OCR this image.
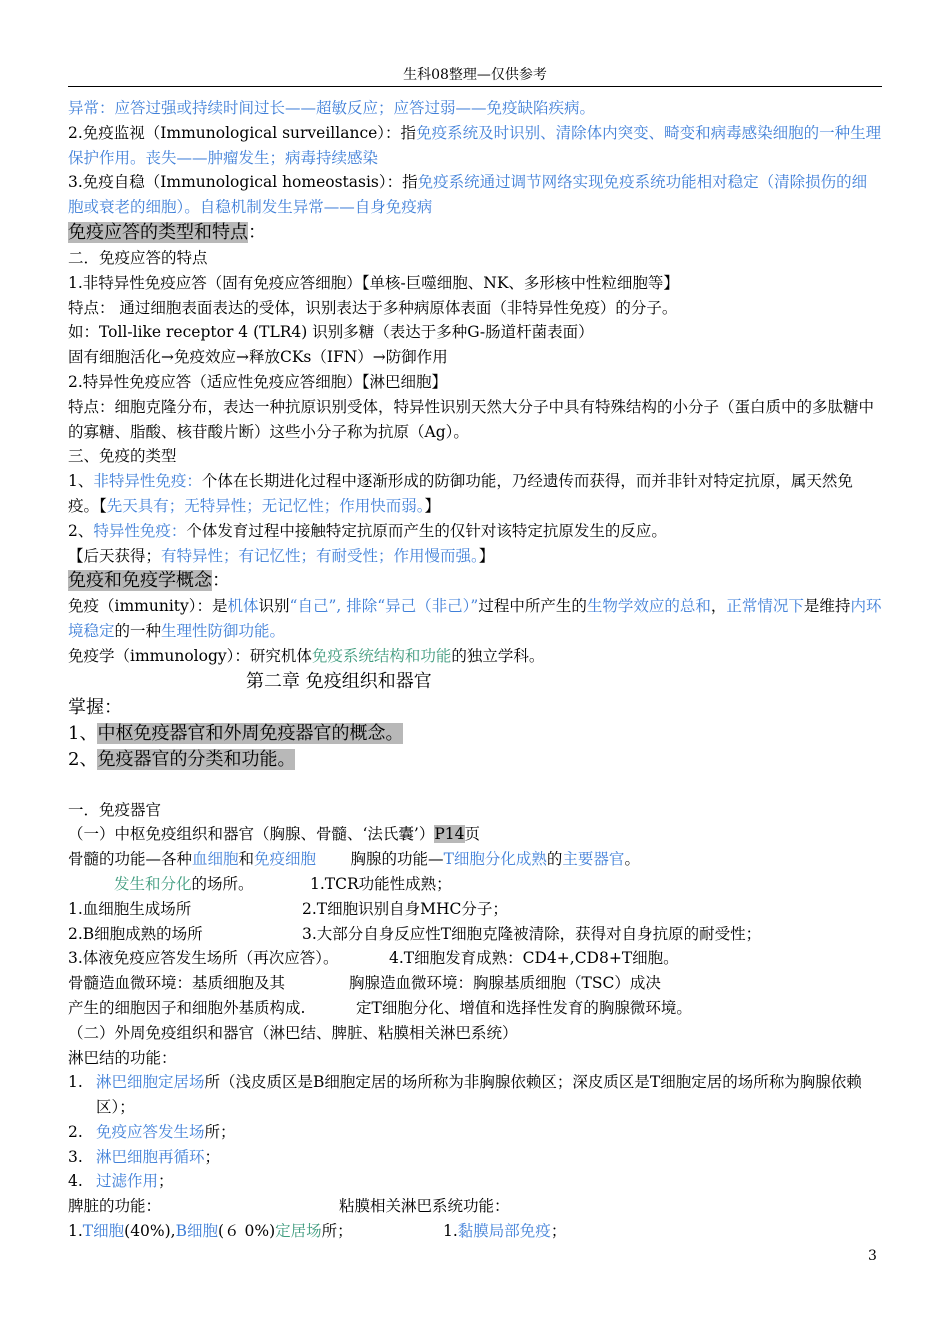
生科08整理—仅供参考

异常：应答过强或持续时间过长——超敏反应；应答过弱——免疫缺陷疾病。

2.免疫监视（Immunological surveillance）：指免疫系统及时识别、清除体内突变、畸变和病毒感染细胞的一种生理保护作用。丧失——肿瘤发生；病毒持续感染

3.免疫自稳（Immunological homeostasis）：指免疫系统通过调节网络实现免疫系统功能相对稳定（清除损伤的细胞或衰老的细胞）。自稳机制发生异常——自身免疫病

免疫应答的类型和特点：

二．免疫应答的特点

1.非特异性免疫应答（固有免疫应答细胞）【单核-巨噬细胞、NK、多形核中性粒细胞等】

特点： 通过细胞表面表达的受体，识别表达于多种病原体表面（非特异性免疫）的分子。

如：Toll-like receptor 4 (TLR4) 识别多糖（表达于多种G-肠道杆菌表面）

固有细胞活化→免疫效应→释放CKs（IFN）→防御作用

2.特异性免疫应答（适应性免疫应答细胞）【淋巴细胞】

特点：细胞克隆分布，表达一种抗原识别受体，特异性识别天然大分子中具有特殊结构的小分子（蛋白质中的多肽糖中的寡糖、脂酸、核苷酸片断）这些小分子称为抗原（Ag）。

三、免疫的类型

1、非特异性免疫：个体在长期进化过程中逐渐形成的防御功能，乃经遗传而获得，而并非针对特定抗原，属天然免疫。【先天具有；无特异性；无记忆性；作用快而弱。】

2、特异性免疫：个体发育过程中接触特定抗原而产生的仅针对该特定抗原发生的反应。

【后天获得；有特异性；有记忆性；有耐受性；作用慢而强。】

免疫和免疫学概念：

免疫（immunity）：是机体识别“自己”, 排除“异己（非己）”过程中所产生的生物学效应的总和，正常情况下是维持内环境稳定的一种生理性防御功能。

免疫学（immunology）：研究机体免疫系统结构和功能的独立学科。

第二章 免疫组织和器官

掌握：

1、中枢免疫器官和外周免疫器官的概念。

2、免疫器官的分类和功能。

一．免疫器官

（一）中枢免疫组织和器官（胸腺、骨髓、‘法氏囊’）P14页

骨髓的功能—各种血细胞和免疫细胞       胸腺的功能—T细胞分化成熟的主要器官。

发生和分化的场所。	1.TCR功能性成熟；

1.血细胞生成场所	2.T细胞识别自身MHC分子；

2.B细胞成熟的场所	3.大部分自身反应性T细胞克隆被清除，获得对自身抗原的耐受性；

3.体液免疫应答发生场所（再次应答）。	4.T细胞发育成熟：CD4+,CD8+T细胞。

骨髓造血微环境：基质细胞及其	胸腺造血微环境：胸腺基质细胞（TSC）成决

产生的细胞因子和细胞外基质构成.	定T细胞分化、增值和选择性发育的胸腺微环境。

（二）外周免疫组织和器官（淋巴结、脾脏、粘膜相关淋巴系统）

淋巴结的功能：

1. 淋巴细胞定居场所（浅皮质区是B细胞定居的场所称为非胸腺依赖区；深皮质区是T细胞定居的场所称为胸腺依赖区）；

2. 免疫应答发生场所；

3. 淋巴细胞再循环；

4. 过滤作用；

脾脏的功能：	粘膜相关淋巴系统功能：

1.T细胞(40%),B细胞(６ 0%)定居场所；	1.黏膜局部免疫；

3
